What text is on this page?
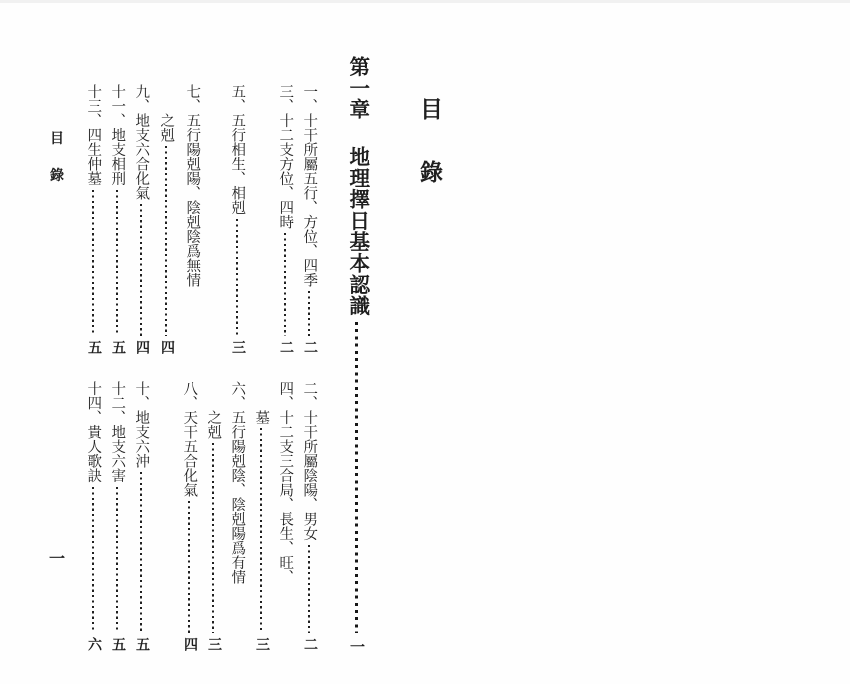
目
錄
第一章
地理擇日基本認識
一
一、十干所屬五行、方位、四季
二
三、十二支方位、四時
二
五、五行相生、相剋
三
七、五行陽剋陽、陰剋陰爲無情
之剋
四
九、地支六合化氣
四
十一、地支相刑
五
十三、四生仲墓
五
二、十干所屬陰陽、男女
二
四、十二支三合局、長生、旺、
墓
三
六、五行陽剋陰、陰剋陽爲有情
之剋
三
八、天干五合化氣
四
十、地支六沖
五
十二、地支六害
五
十四、貴人歌訣
六
目
錄
一
